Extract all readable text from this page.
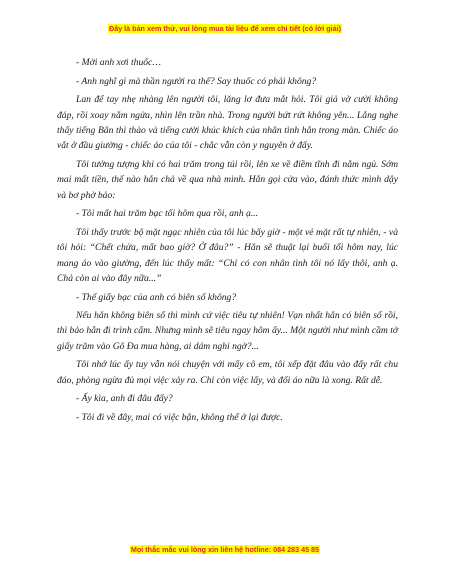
Đây là bản xem thử, vui lòng mua tài liệu để xem chi tiết (có lời giải)

- Mời anh xơi thuốc…

- Anh nghĩ gì mà thần người ra thế? Say thuốc có phải không?

Lan để tay nhẹ nhàng lên người tôi, lăng lơ đưa mắt hỏi. Tôi giả vờ cười không đáp, rồi xoay nằm ngửa, nhìn lên trần nhà. Trong người bứt rứt không yên... Lắng nghe thấy tiếng Bân thì thào và tiếng cười khúc khích của nhân tình hắn trong màn. Chiếc áo vắt ở đầu giường - chiếc áo của tôi - chắc vẫn còn y nguyên ở đấy.

Tôi tưởng tượng khi có hai trăm trong túi rồi, lên xe về điềm tĩnh đi nằm ngủ. Sớm mai mất tiền, thế nào hắn chả về qua nhà mình. Hắn gọi cửa vào, đánh thức mình dậy và bơ phờ bảo:

- Tôi mất hai trăm bạc tối hôm qua rồi, anh ạ...

Tôi thấy trước bộ mặt ngạc nhiên của tôi lúc bấy giờ - một vẻ mặt rất tự nhiên, - và tôi hỏi: “Chết chửa, mất bao giờ? Ở đâu?” - Hắn sẽ thuật lại buổi tối hôm nay, lúc mang áo vào giường, đến lúc thấy mất: “Chỉ có con nhân tình tôi nó lấy thôi, anh ạ. Chả còn ai vào đây nữa...”

- Thế giấy bạc của anh có biên số không?

Nếu hắn không biên số thì mình cứ việc tiêu tự nhiên! Vạn nhất hắn có biên số rồi, thì bảo hắn đi trình cẩm. Nhưng mình sẽ tiêu ngay hôm ấy... Một người như mình cầm tờ giấy trăm vào Gô Đa mua hàng, ai dám nghi ngờ?...

Tôi nhớ lúc ấy tuy vẫn nói chuyện với mấy cô em, tôi xếp đặt đâu vào đấy rất chu đáo, phòng ngừa đủ mọi việc xảy ra. Chỉ còn việc lấy, và đối áo nữa là xong. Rất dễ.

- Ấy kìa, anh đi đâu đấy?

- Tôi đi về đây, mai có việc bận, không thể ở lại được.

Mọi thắc mắc vui lòng xin liên hệ hotline: 084 283 45 85
